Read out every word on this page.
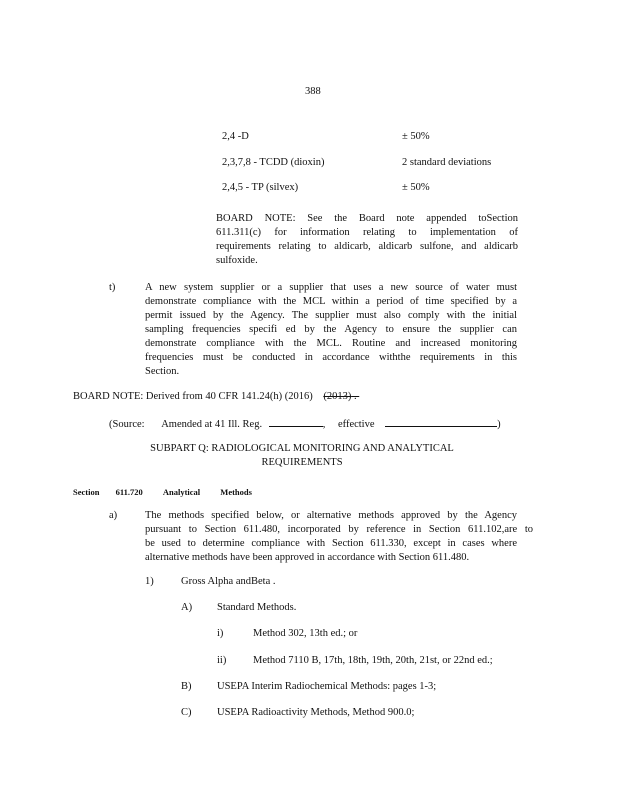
388
2,4 -D	± 50%
2,3,7,8 - TCDD (dioxin)	2 standard deviations
2,4,5 - TP (silvex)	± 50%
BOARD NOTE: See the Board note appended toSection
611.311(c) for information relating to implementation of
requirements relating to aldicarb, aldicarb sulfone, and aldicarb
sulfoxide.
t)	A new system supplier or a supplier that uses a new source of water must
demonstrate compliance with the MCL within a period of time specified by a
permit issued by the Agency. The supplier must also comply with the initial
sampling frequencies specifi ed by the Agency to ensure the supplier can
demonstrate compliance with the MCL. Routine and increased monitoring
frequencies must be conducted in accordance withthe requirements in this
Section.
BOARD NOTE: Derived from 40 CFR 141.24(h) (2016) (2013) .
(Source: Amended at 41 Ill. Reg.	, effective	)
SUBPART Q: RADIOLOGICAL MONITORING AND ANALYTICAL
REQUIREMENTS
Section 611.720 Analytical Methods
a)	The methods specified below, or alternative methods approved by the Agency
pursuant to Section 611.480, incorporated by reference in Section 611.102,are to
be used to determine compliance with Section 611.330, except in cases where
alternative methods have been approved in accordance with Section 611.480.
1)	Gross Alpha andBeta .
A) Standard Methods.
i)	Method 302, 13th ed.; or
ii)	Method 7110 B, 17th, 18th, 19th, 20th, 21st, or 22nd ed.;
B) USEPA Interim Radiochemical Methods: pages 1-3;
C) USEPA Radioactivity Methods, Method 900.0;
